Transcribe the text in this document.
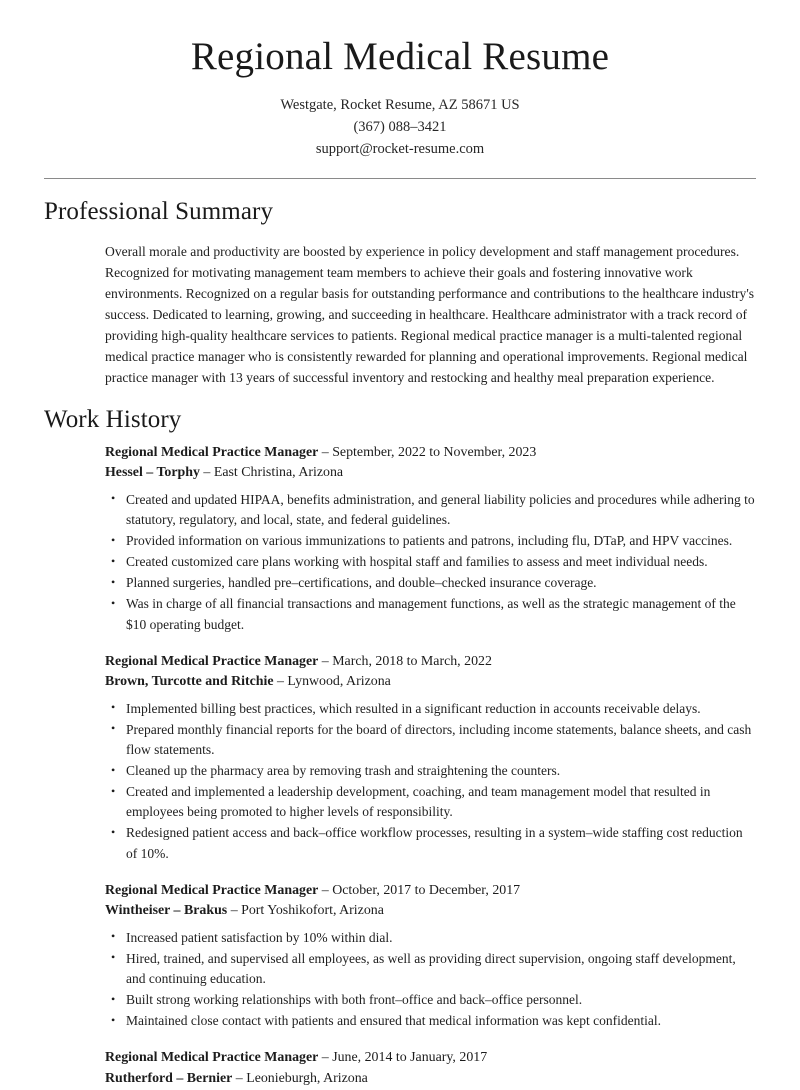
Regional Medical Resume
Westgate, Rocket Resume, AZ 58671 US
(367) 088–3421
support@rocket-resume.com
Professional Summary

Overall morale and productivity are boosted by experience in policy development and staff management procedures. Recognized for motivating management team members to achieve their goals and fostering innovative work environments. Recognized on a regular basis for outstanding performance and contributions to the healthcare industry's success. Dedicated to learning, growing, and succeeding in healthcare. Healthcare administrator with a track record of providing high-quality healthcare services to patients. Regional medical practice manager is a multi-talented regional medical practice manager who is consistently rewarded for planning and operational improvements. Regional medical practice manager with 13 years of successful inventory and restocking and healthy meal preparation experience.

Work History
Regional Medical Practice Manager – September, 2022 to November, 2023
Hessel – Torphy – East Christina, Arizona
• Created and updated HIPAA, benefits administration, and general liability policies and procedures while adhering to statutory, regulatory, and local, state, and federal guidelines.
• Provided information on various immunizations to patients and patrons, including flu, DTaP, and HPV vaccines.
• Created customized care plans working with hospital staff and families to assess and meet individual needs.
• Planned surgeries, handled pre–certifications, and double–checked insurance coverage.
• Was in charge of all financial transactions and management functions, as well as the strategic management of the $10 operating budget.
Regional Medical Practice Manager – March, 2018 to March, 2022
Brown, Turcotte and Ritchie – Lynwood, Arizona
• Implemented billing best practices, which resulted in a significant reduction in accounts receivable delays.
• Prepared monthly financial reports for the board of directors, including income statements, balance sheets, and cash flow statements.
• Cleaned up the pharmacy area by removing trash and straightening the counters.
• Created and implemented a leadership development, coaching, and team management model that resulted in employees being promoted to higher levels of responsibility.
• Redesigned patient access and back–office workflow processes, resulting in a system–wide staffing cost reduction of 10%.
Regional Medical Practice Manager – October, 2017 to December, 2017
Wintheiser – Brakus – Port Yoshikofort, Arizona
• Increased patient satisfaction by 10% within dial.
• Hired, trained, and supervised all employees, as well as providing direct supervision, ongoing staff development, and continuing education.
• Built strong working relationships with both front–office and back–office personnel.
• Maintained close contact with patients and ensured that medical information was kept confidential.
Regional Medical Practice Manager – June, 2014 to January, 2017
Rutherford – Bernier – Leonieburgh, Arizona
